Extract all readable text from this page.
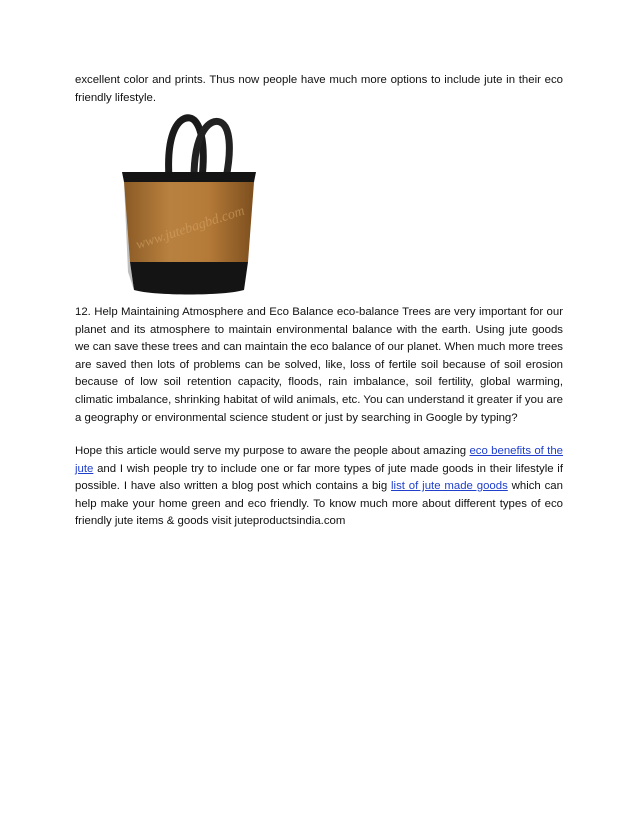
excellent color and prints. Thus now people have much more options to include jute in their eco friendly lifestyle.

www.jutebagbd.com

12. Help Maintaining Atmosphere and Eco Balance eco-balance Trees are very important for our planet and its atmosphere to maintain environmental balance with the earth. Using jute goods we can save these trees and can maintain the eco balance of our planet. When much more trees are saved then lots of problems can be solved, like, loss of fertile soil because of soil erosion because of low soil retention capacity, floods, rain imbalance, soil fertility, global warming, climatic imbalance, shrinking habitat of wild animals, etc. You can understand it greater if you are a geography or environmental science student or just by searching in Google by typing?

Hope this article would serve my purpose to aware the people about amazing eco benefits of the jute and I wish people try to include one or far more types of jute made goods in their lifestyle if possible. I have also written a blog post which contains a big list of jute made goods which can help make your home green and eco friendly. To know much more about different types of eco friendly jute items & goods visit juteproductsindia.com
